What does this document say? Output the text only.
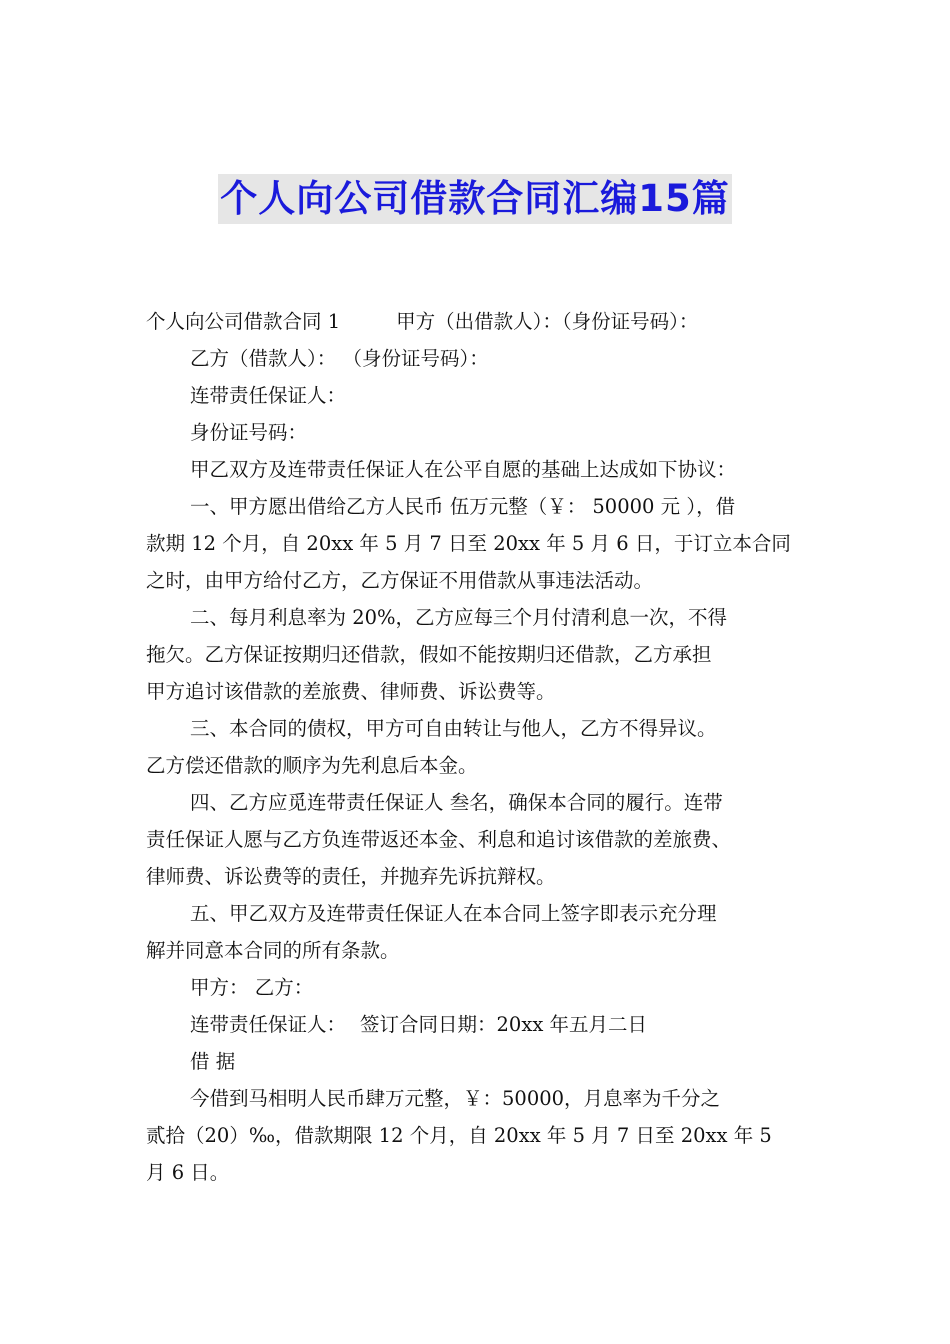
个人向公司借款合同汇编15篇
个人向公司借款合同 1	甲方（出借款人）：（身份证号码）：
乙方（借款人）： （身份证号码）：
连带责任保证人：
身份证号码：
甲乙双方及连带责任保证人在公平自愿的基础上达成如下协议：
一、甲方愿出借给乙方人民币 伍万元整（￥： 50000 元 ），借
款期 12 个月，自 20xx 年 5 月 7 日至 20xx 年 5 月 6 日，于订立本合同
之时，由甲方给付乙方，乙方保证不用借款从事违法活动。
二、每月利息率为 20%，乙方应每三个月付清利息一次，不得
拖欠。乙方保证按期归还借款，假如不能按期归还借款，乙方承担
甲方追讨该借款的差旅费、律师费、诉讼费等。
三、本合同的债权，甲方可自由转让与他人，乙方不得异议。
乙方偿还借款的顺序为先利息后本金。
四、乙方应觅连带责任保证人 叁名，确保本合同的履行。连带
责任保证人愿与乙方负连带返还本金、利息和追讨该借款的差旅费、
律师费、诉讼费等的责任，并抛弃先诉抗辩权。
五、甲乙双方及连带责任保证人在本合同上签字即表示充分理
解并同意本合同的所有条款。
甲方： 乙方：
连带责任保证人： 签订合同日期：20xx 年五月二日
借 据
今借到马相明人民币肆万元整，￥：50000，月息率为千分之
贰拾（20）‰，借款期限 12 个月，自 20xx 年 5 月 7 日至 20xx 年 5
月 6 日。
